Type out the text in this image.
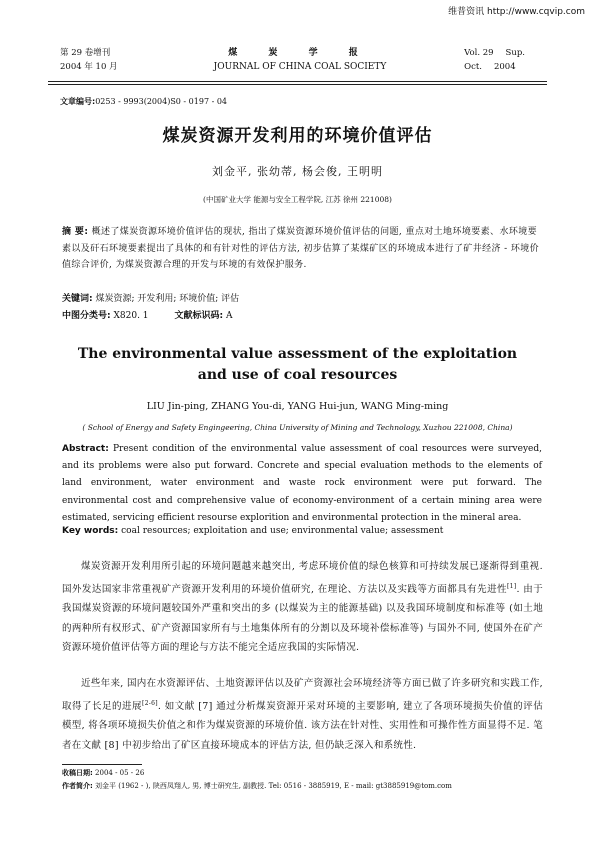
维普资讯 http://www.cqvip.com
第 29 卷增刊
2004 年 10 月
煤 炭 学 报
JOURNAL OF CHINA COAL SOCIETY
Vol. 29 Sup.
Oct. 2004
文章编号:0253 - 9993(2004)S0 - 0197 - 04
煤炭资源开发利用的环境价值评估
刘金平, 张幼蒂, 杨会俊, 王明明
(中国矿业大学 能源与安全工程学院, 江苏 徐州 221008)
摘 要: 概述了煤炭资源环境价值评估的现状, 指出了煤炭资源环境价值评估的问题, 重点对土地环境要素、水环境要素以及矸石环境要素提出了具体的和有针对性的评估方法, 初步估算了某煤矿区的环境成本进行了矿井经济 - 环境价值综合评价, 为煤炭资源合理的开发与环境的有效保护服务.
关键词: 煤炭资源; 开发利用; 环境价值; 评估
中图分类号: X820. 1	文献标识码: A
The environmental value assessment of the exploitation
and use of coal resources
LIU Jin-ping, ZHANG You-di, YANG Hui-jun, WANG Ming-ming
( School of Energy and Safety Engingeering, China University of Mining and Technology, Xuzhou 221008, China)
Abstract: Present condition of the environmental value assessment of coal resources were surveyed, and its problems were also put forward. Concrete and special evaluation methods to the elements of land environment, water environment and waste rock environment were put forward. The environmental cost and comprehensive value of economy-environment of a certain mining area were estimated, servicing efficient resourse explorition and environmental protection in the mineral area.
Key words: coal resources; exploitation and use; environmental value; assessment
煤炭资源开发利用所引起的环境问题越来越突出, 考虑环境价值的绿色核算和可持续发展已逐渐得到重视. 国外发达国家非常重视矿产资源开发利用的环境价值研究, 在理论、方法以及实践等方面都具有先进性[1]. 由于我国煤炭资源的环境问题较国外严重和突出的多 (以煤炭为主的能源基础) 以及我国环境制度和标准等 (如土地的两种所有权形式、矿产资源国家所有与土地集体所有的分割以及环境补偿标准等) 与国外不同, 使国外在矿产资源环境价值评估等方面的理论与方法不能完全适应我国的实际情况.
近些年来, 国内在水资源评估、土地资源评估以及矿产资源社会环境经济等方面已做了许多研究和实践工作, 取得了长足的进展[2-6]. 如文献 [7] 通过分析煤炭资源开采对环境的主要影响, 建立了各项环境损失价值的评估模型, 将各项环境损失价值之和作为煤炭资源的环境价值. 该方法在针对性、实用性和可操作性方面显得不足. 笔者在文献 [8] 中初步给出了矿区直接环境成本的评估方法, 但仍缺乏深入和系统性.
收稿日期: 2004 - 05 - 26
作者简介: 刘金平 (1962 - ), 陕西凤翔人, 男, 博士研究生, 副教授. Tel: 0516 - 3885919, E - mail: gt3885919@tom.com
